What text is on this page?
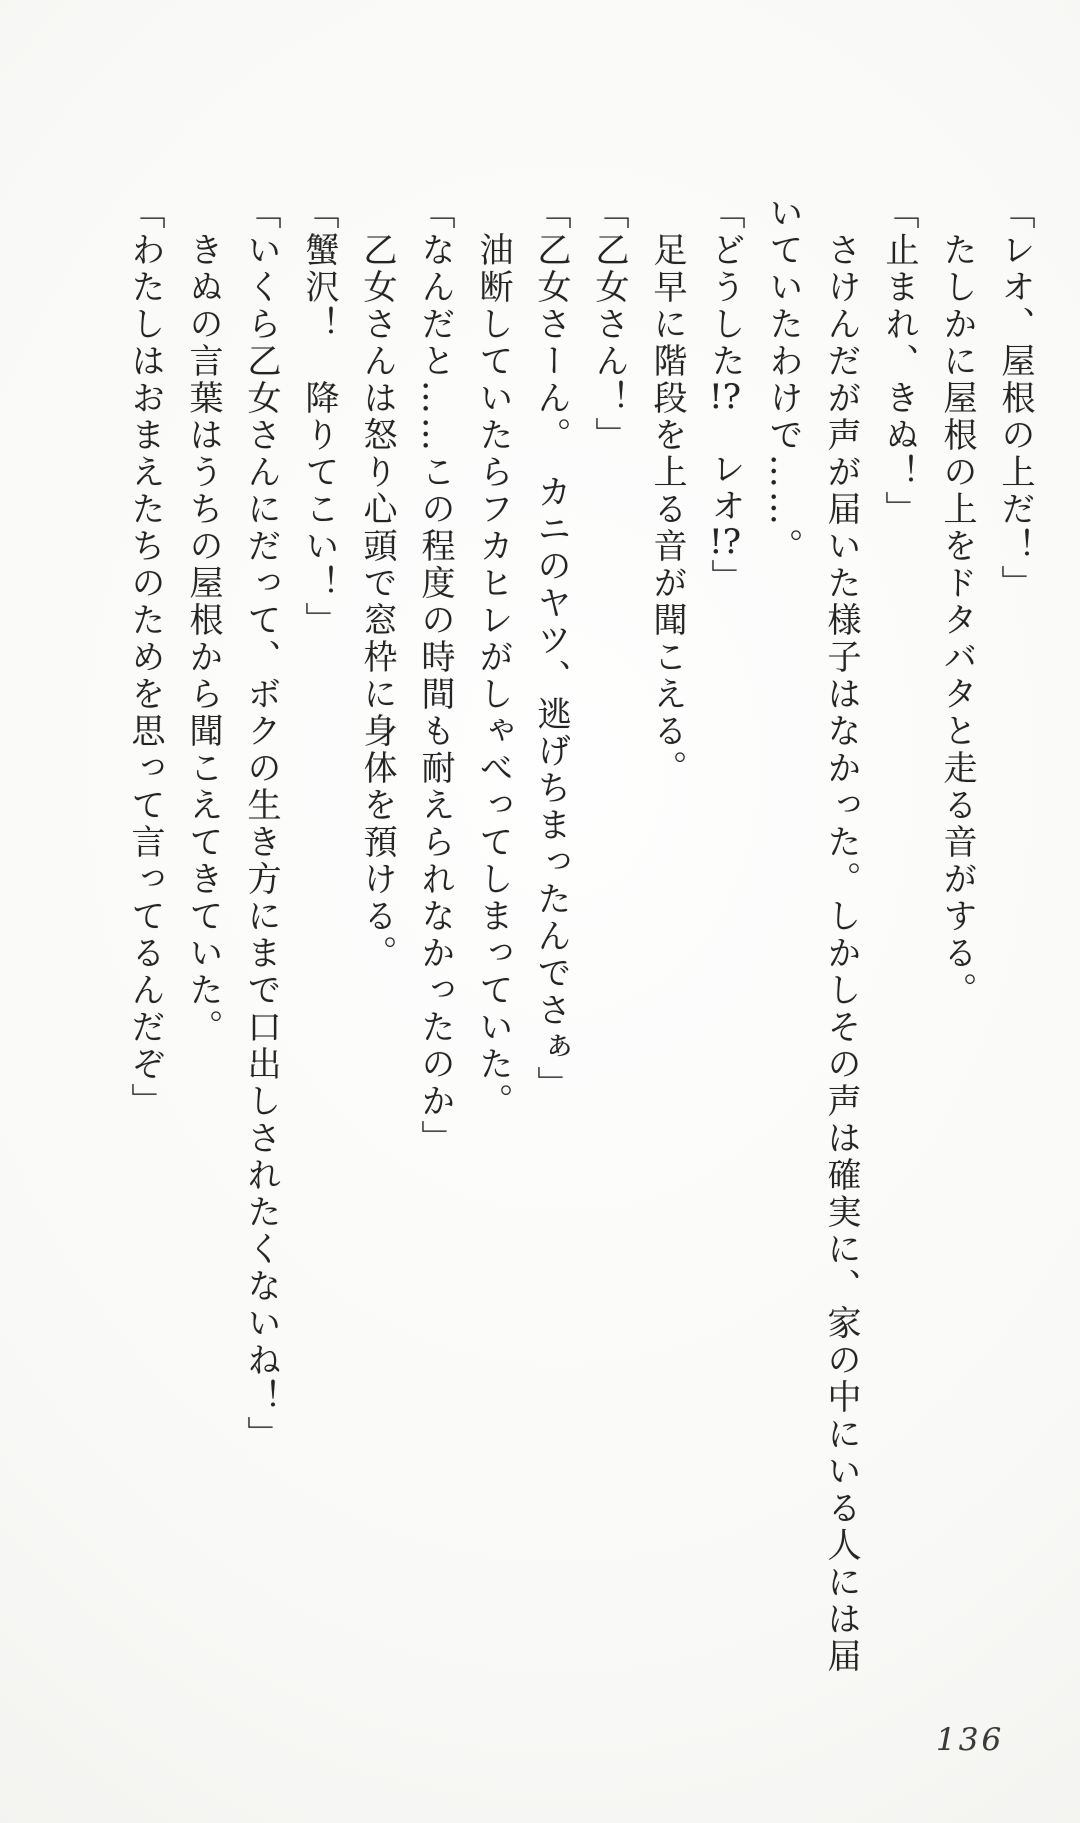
「レオ、屋根の上だ！」

たしかに屋根の上をドタバタと走る音がする。

「止まれ、きぬ！」

さけんだが声が届いた様子はなかった。しかしその声は確実に、家の中にいる人には届

いていたわけで……。

「どうした!?　レオ!?」

足早に階段を上る音が聞こえる。

「乙女さん！」

「乙女さーん。　カニのヤツ、逃げちまったんでさぁ」

油断していたらフカヒレがしゃべってしまっていた。

「なんだと……この程度の時間も耐えられなかったのか」

乙女さんは怒り心頭で窓枠に身体を預ける。

「蟹沢！　降りてこい！」

「いくら乙女さんにだって、ボクの生き方にまで口出しされたくないね！」

きぬの言葉はうちの屋根から聞こえてきていた。

「わたしはおまえたちのためを思って言ってるんだぞ」

136
